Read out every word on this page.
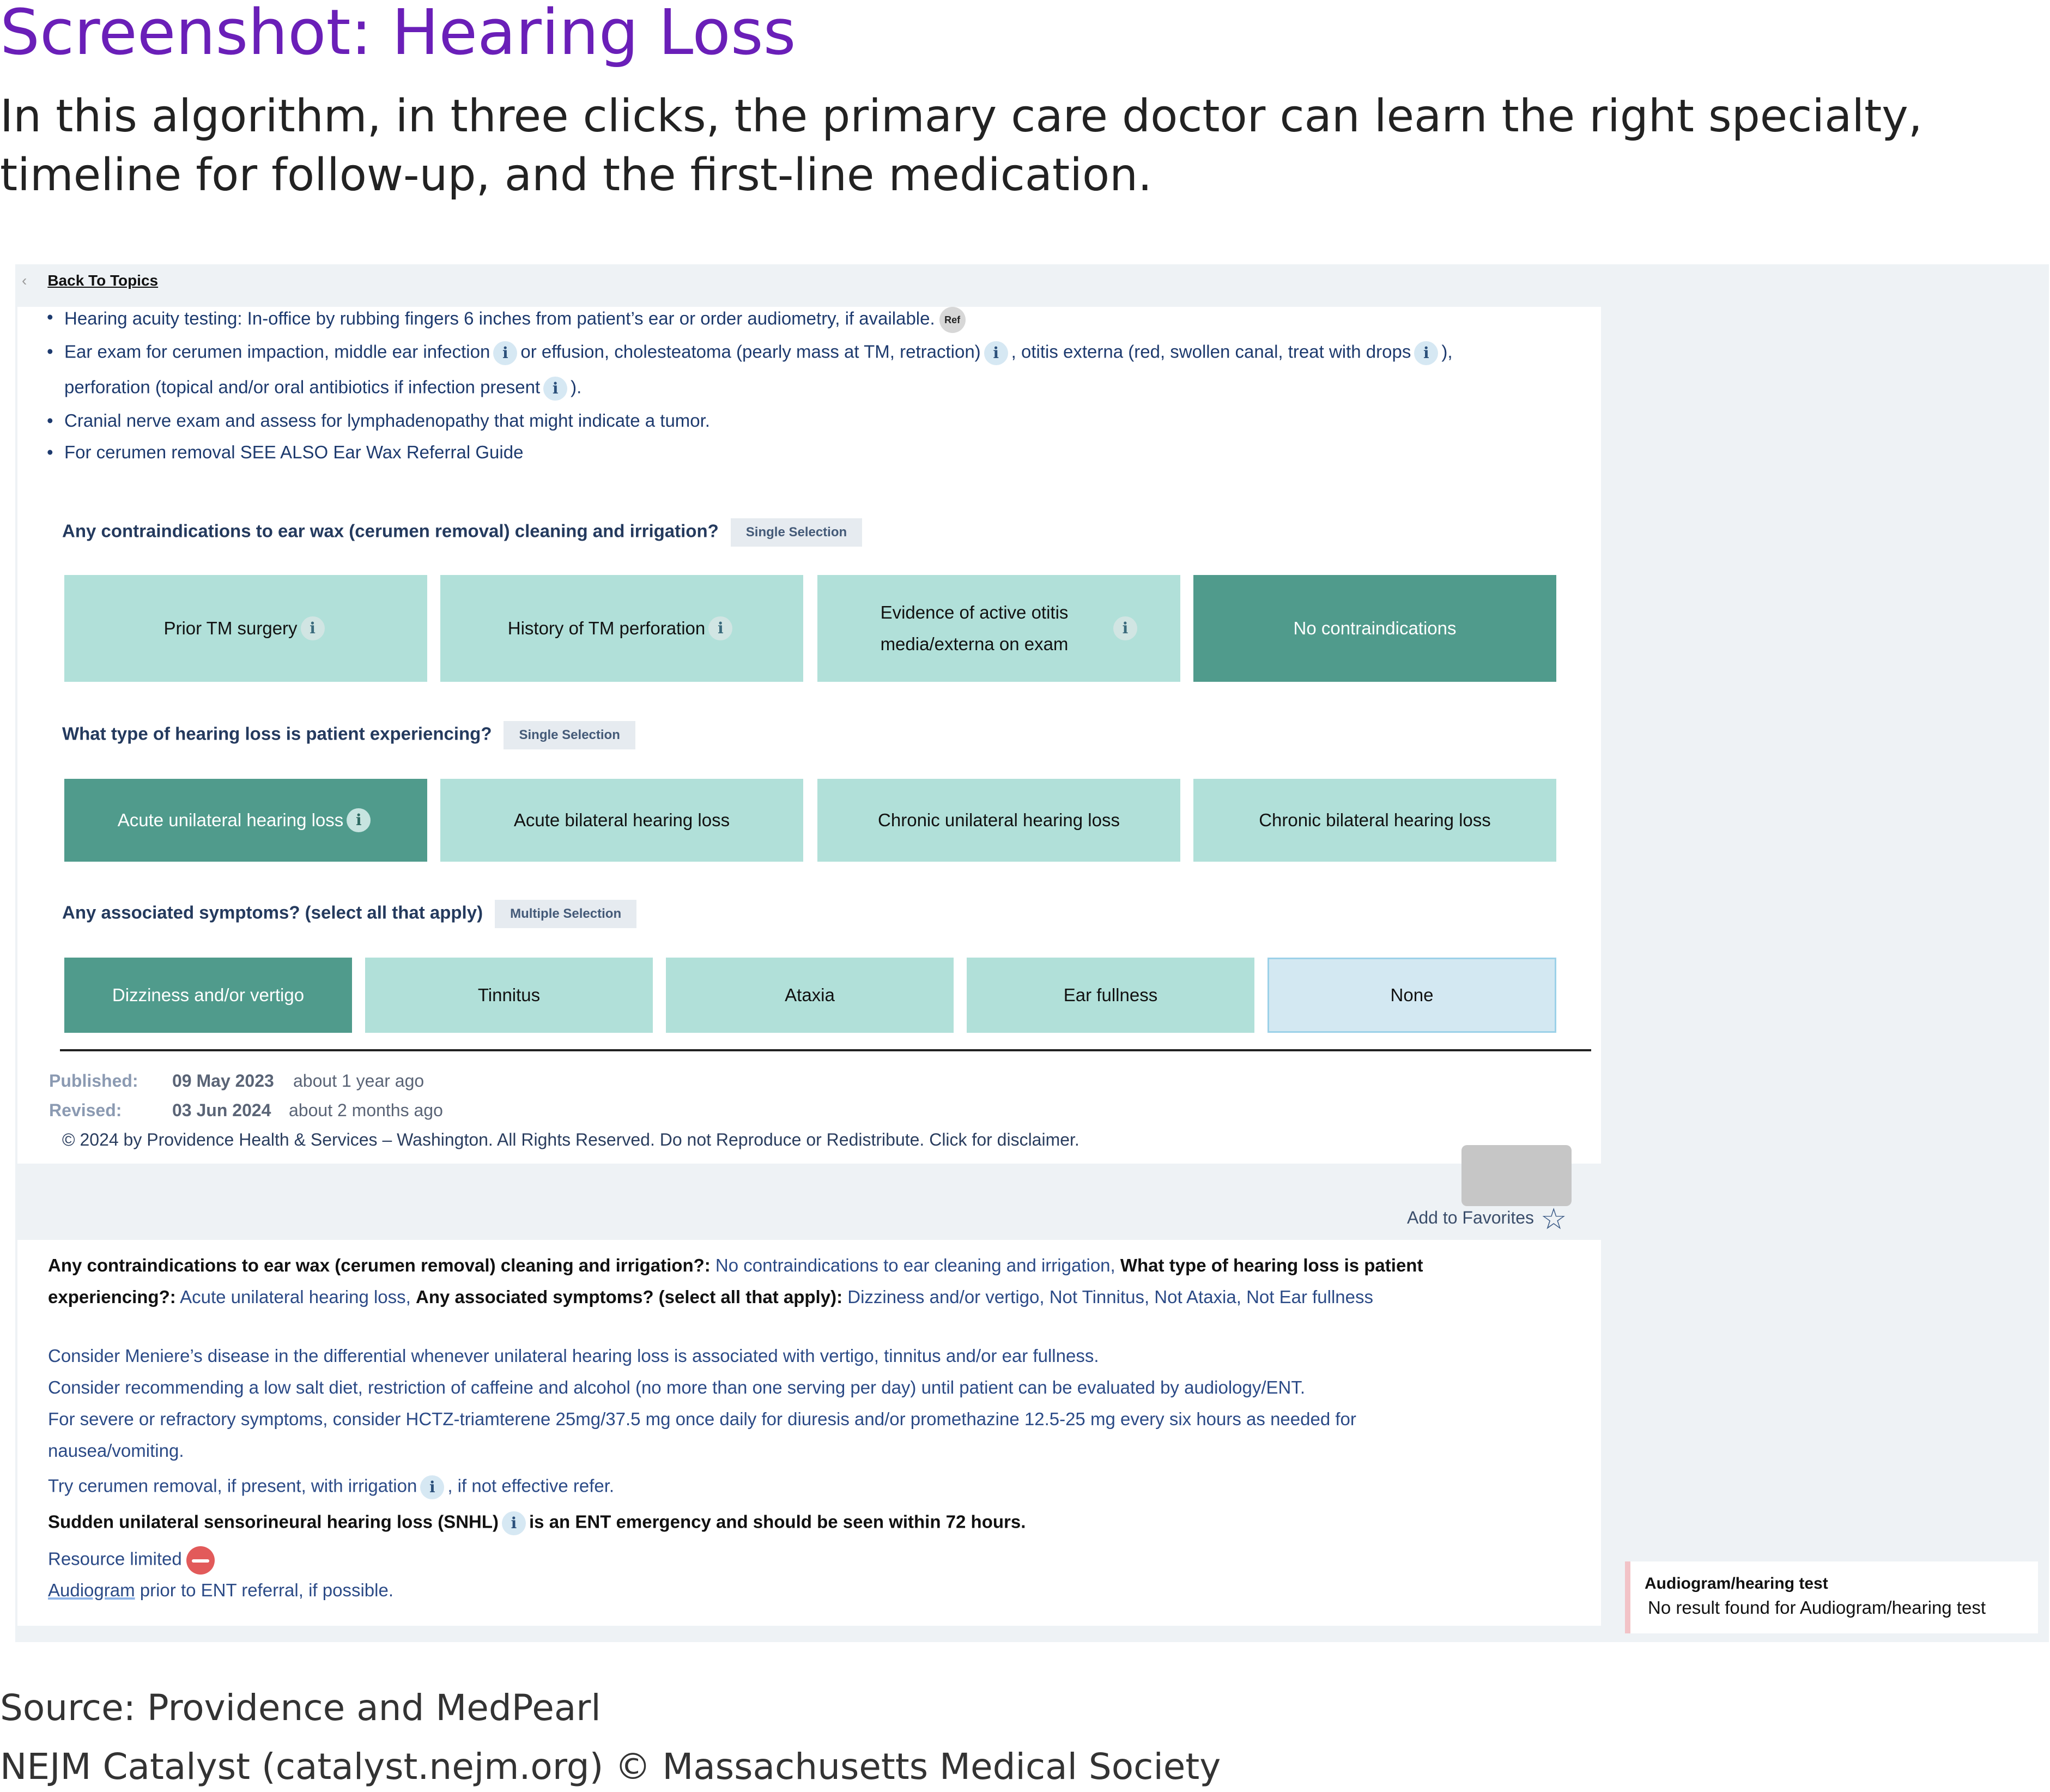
Screenshot: Hearing Loss
In this algorithm, in three clicks, the primary care doctor can learn the right specialty, timeline for follow-up, and the first-line medication.
‹ Back To Topics
• Hearing acuity testing: In-office by rubbing fingers 6 inches from patient’s ear or order audiometry, if available. Ref
• Ear exam for cerumen impaction, middle ear infection i or effusion, cholesteatoma (pearly mass at TM, retraction) i , otitis externa (red, swollen canal, treat with drops i ),
perforation (topical and/or oral antibiotics if infection present i ).
• Cranial nerve exam and assess for lymphadenopathy that might indicate a tumor.
• For cerumen removal SEE ALSO Ear Wax Referral Guide
Any contraindications to ear wax (cerumen removal) cleaning and irrigation? Single Selection
Prior TM surgery i	History of TM perforation i
Evidence of active otitis media/externa on exam
i	No contraindications
What type of hearing loss is patient experiencing? Single Selection
Acute unilateral hearing loss i	Acute bilateral hearing loss	Chronic unilateral hearing loss	Chronic bilateral hearing loss
Any associated symptoms? (select all that apply) Multiple Selection
Dizziness and/or vertigo	Tinnitus	Ataxia	Ear fullness	None
Published: 09 May 2023 about 1 year ago
Revised:	03 Jun 2024 about 2 months ago
© 2024 by Providence Health & Services – Washington. All Rights Reserved. Do not Reproduce or Redistribute. Click for disclaimer.
Add to Favorites ☆
Any contraindications to ear wax (cerumen removal) cleaning and irrigation?: No contraindications to ear cleaning and irrigation, What type of hearing loss is patient
experiencing?: Acute unilateral hearing loss, Any associated symptoms? (select all that apply): Dizziness and/or vertigo, Not Tinnitus, Not Ataxia, Not Ear fullness
Consider Meniere’s disease in the differential whenever unilateral hearing loss is associated with vertigo, tinnitus and/or ear fullness.
Consider recommending a low salt diet, restriction of caffeine and alcohol (no more than one serving per day) until patient can be evaluated by audiology/ENT.
For severe or refractory symptoms, consider HCTZ-triamterene 25mg/37.5 mg once daily for diuresis and/or promethazine 12.5-25 mg every six hours as needed for
nausea/vomiting.
Try cerumen removal, if present, with irrigation i , if not effective refer.
Sudden unilateral sensorineural hearing loss (SNHL) i is an ENT emergency and should be seen within 72 hours.
Resource limited
Audiogram prior to ENT referral, if possible.	Audiogram/hearing test
No result found for Audiogram/hearing test
Source: Providence and MedPearl
NEJM Catalyst (catalyst.nejm.org) © Massachusetts Medical Society
